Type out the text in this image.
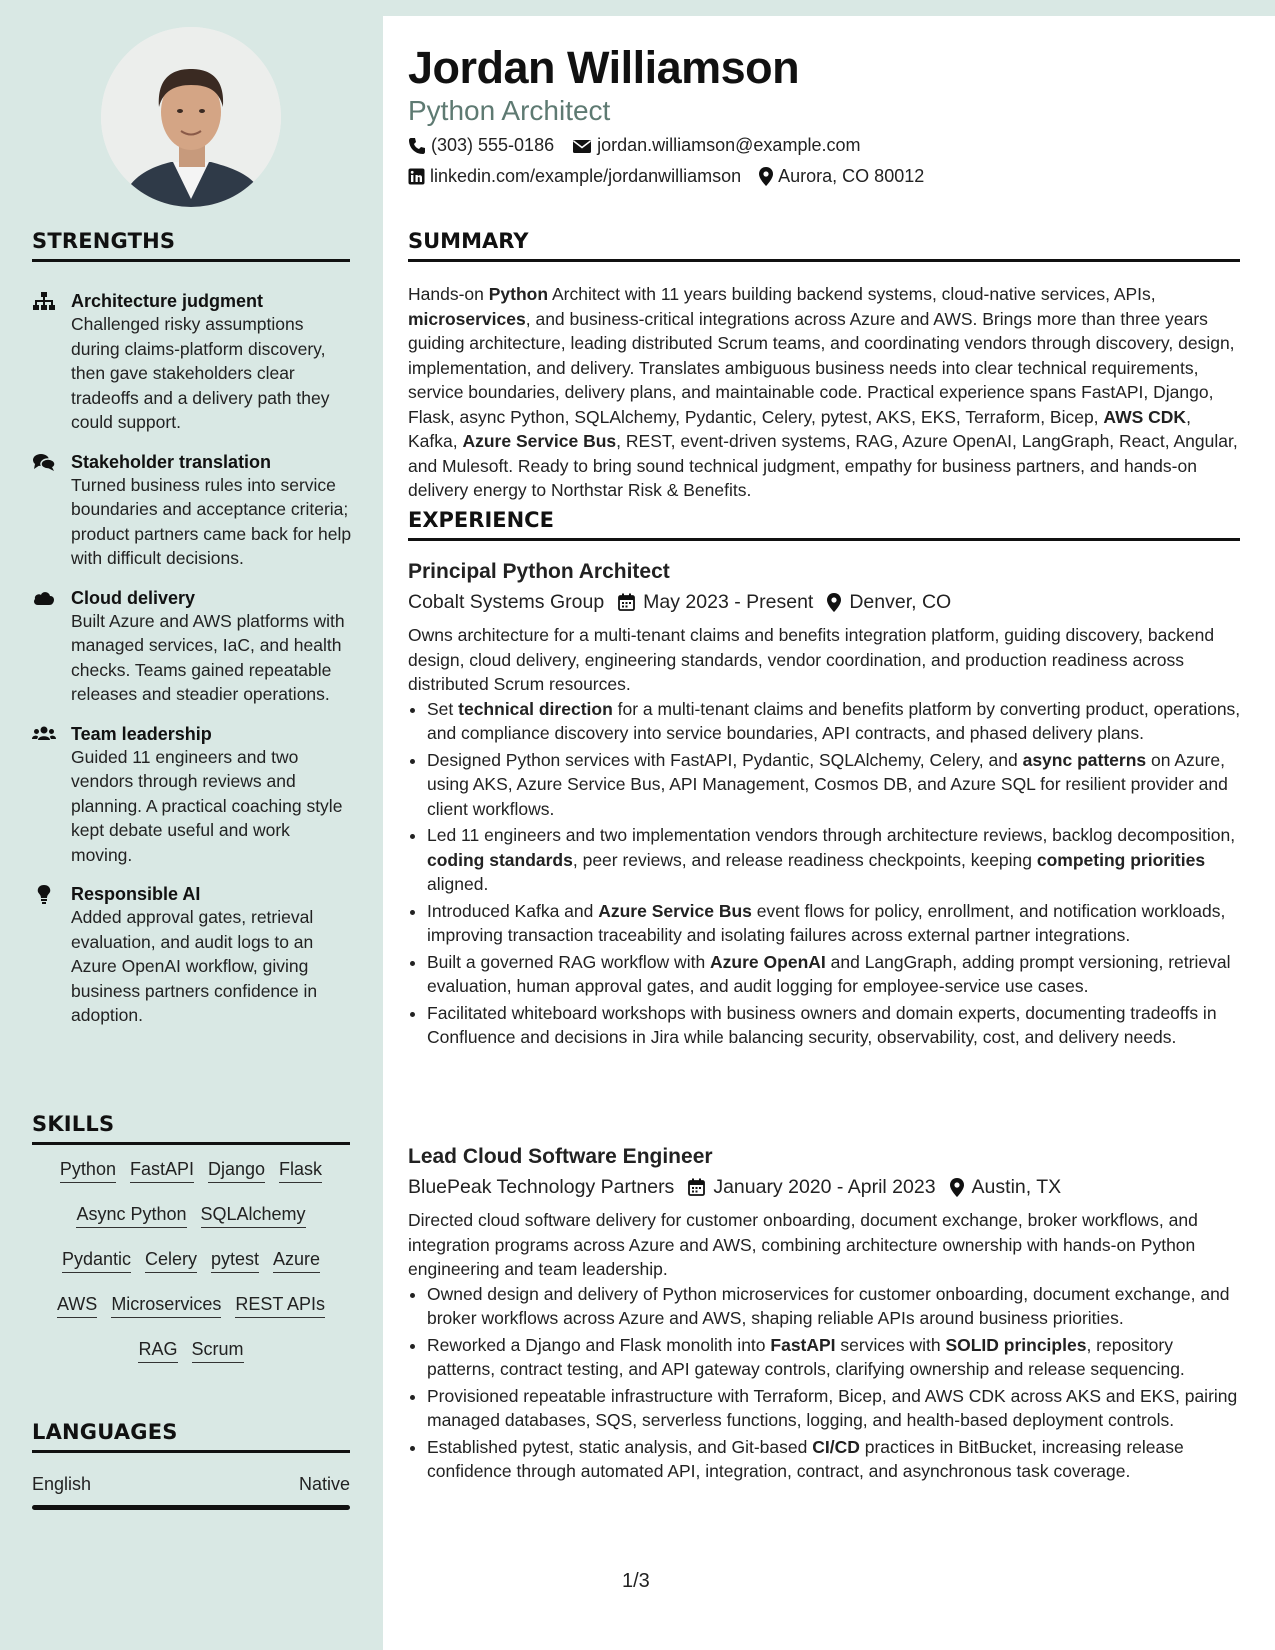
STRENGTHS
Architecture judgment
Challenged risky assumptions during claims-platform discovery, then gave stakeholders clear tradeoffs and a delivery path they could support.
Stakeholder translation
Turned business rules into service boundaries and acceptance criteria; product partners came back for help with difficult decisions.
Cloud delivery
Built Azure and AWS platforms with managed services, IaC, and health checks. Teams gained repeatable releases and steadier operations.
Team leadership
Guided 11 engineers and two vendors through reviews and planning. A practical coaching style kept debate useful and work moving.
Responsible AI
Added approval gates, retrieval evaluation, and audit logs to an Azure OpenAI workflow, giving business partners confidence in adoption.
SKILLS
Python FastAPI Django Flask
Async Python SQLAlchemy
Pydantic Celery pytest Azure
AWS Microservices REST APIs
RAG Scrum
LANGUAGES
English	Native
Jordan Williamson
Python Architect
(303) 555-0186 jordan.williamson@example.com
linkedin.com/example/jordanwilliamson Aurora, CO 80012
SUMMARY
Hands-on Python Architect with 11 years building backend systems, cloud-native services, APIs, microservices, and business-critical integrations across Azure and AWS. Brings more than three years guiding architecture, leading distributed Scrum teams, and coordinating vendors through discovery, design, implementation, and delivery. Translates ambiguous business needs into clear technical requirements, service boundaries, delivery plans, and maintainable code. Practical experience spans FastAPI, Django, Flask, async Python, SQLAlchemy, Pydantic, Celery, pytest, AKS, EKS, Terraform, Bicep, AWS CDK, Kafka, Azure Service Bus, REST, event-driven systems, RAG, Azure OpenAI, LangGraph, React, Angular, and Mulesoft. Ready to bring sound technical judgment, empathy for business partners, and hands-on delivery energy to Northstar Risk & Benefits.
EXPERIENCE
Principal Python Architect
Cobalt Systems Group May 2023 - Present Denver, CO
Owns architecture for a multi-tenant claims and benefits integration platform, guiding discovery, backend design, cloud delivery, engineering standards, vendor coordination, and production readiness across distributed Scrum resources.
• Set technical direction for a multi-tenant claims and benefits platform by converting product, operations, and compliance discovery into service boundaries, API contracts, and phased delivery plans.
• Designed Python services with FastAPI, Pydantic, SQLAlchemy, Celery, and async patterns on Azure, using AKS, Azure Service Bus, API Management, Cosmos DB, and Azure SQL for resilient provider and client workflows.
• Led 11 engineers and two implementation vendors through architecture reviews, backlog decomposition, coding standards, peer reviews, and release readiness checkpoints, keeping competing priorities aligned.
• Introduced Kafka and Azure Service Bus event flows for policy, enrollment, and notification workloads, improving transaction traceability and isolating failures across external partner integrations.
• Built a governed RAG workflow with Azure OpenAI and LangGraph, adding prompt versioning, retrieval evaluation, human approval gates, and audit logging for employee-service use cases.
• Facilitated whiteboard workshops with business owners and domain experts, documenting tradeoffs in Confluence and decisions in Jira while balancing security, observability, cost, and delivery needs.
Lead Cloud Software Engineer
BluePeak Technology Partners January 2020 - April 2023 Austin, TX
Directed cloud software delivery for customer onboarding, document exchange, broker workflows, and integration programs across Azure and AWS, combining architecture ownership with hands-on Python engineering and team leadership.
• Owned design and delivery of Python microservices for customer onboarding, document exchange, and broker workflows across Azure and AWS, shaping reliable APIs around business priorities.
• Reworked a Django and Flask monolith into FastAPI services with SOLID principles, repository patterns, contract testing, and API gateway controls, clarifying ownership and release sequencing.
• Provisioned repeatable infrastructure with Terraform, Bicep, and AWS CDK across AKS and EKS, pairing managed databases, SQS, serverless functions, logging, and health-based deployment controls.
• Established pytest, static analysis, and Git-based CI/CD practices in BitBucket, increasing release confidence through automated API, integration, contract, and asynchronous task coverage.
1/3
